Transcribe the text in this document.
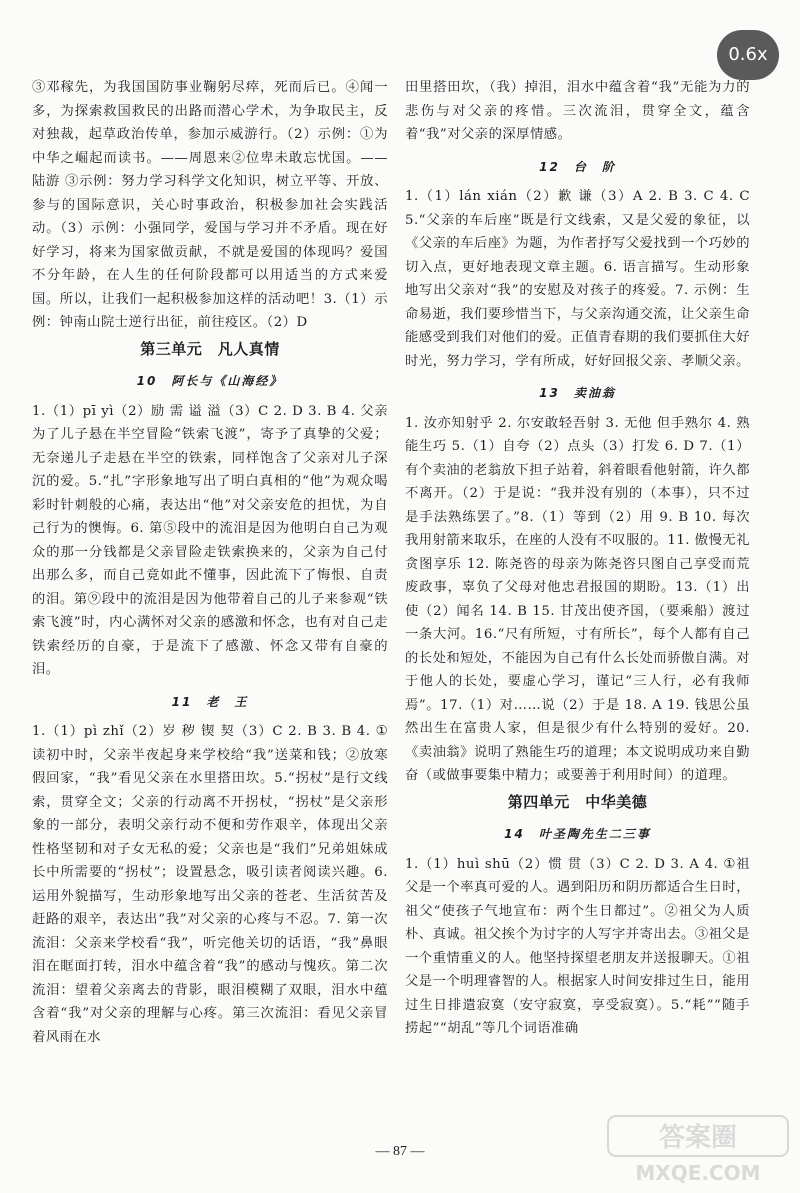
0.6x

③邓稼先，为我国国防事业鞠躬尽瘁，死而后已。④闻一多，为探索救国救民的出路而潜心学术，为争取民主，反对独裁，起草政治传单，参加示威游行。（2）示例：①为中华之崛起而读书。——周恩来②位卑未敢忘忧国。——陆游 ③示例：努力学习科学文化知识，树立平等、开放、参与的国际意识，关心时事政治，积极参加社会实践活动。（3）示例：小强同学，爱国与学习并不矛盾。现在好好学习，将来为国家做贡献，不就是爱国的体现吗？爱国不分年龄，在人生的任何阶段都可以用适当的方式来爱国。所以，让我们一起积极参加这样的活动吧！3.（1）示例：钟南山院士逆行出征，前往疫区。（2）D

第三单元　凡人真情
10　阿长与《山海经》

1.（1）pī yì（2）励 需 谥 溢（3）C 2. D 3. B 4. 父亲为了儿子悬在半空冒险“铁索飞渡”，寄予了真挚的父爱；无奈递儿子走悬在半空的铁索，同样饱含了父亲对儿子深沉的爱。5.“扎”字形象地写出了明白真相的“他”为观众喝彩时针刺般的心痛，表达出“他”对父亲安危的担忧，为自己行为的懊悔。6. 第⑤段中的流泪是因为他明白自己为观众的那一分钱都是父亲冒险走铁索换来的，父亲为自己付出那么多，而自己竟如此不懂事，因此流下了悔恨、自责的泪。第⑨段中的流泪是因为他带着自己的儿子来参观“铁索飞渡”时，内心满怀对父亲的感激和怀念，也有对自己走铁索经历的自豪，于是流下了感激、怀念又带有自豪的泪。

11　老　王

1.（1）pì zhǐ（2）岁 秽 锲 契（3）C 2. B 3. B 4. ①读初中时，父亲半夜起身来学校给“我”送菜和钱；②放寒假回家，“我”看见父亲在水里搭田坎。5.“拐杖”是行文线索，贯穿全文；父亲的行动离不开拐杖，“拐杖”是父亲形象的一部分，表明父亲行动不便和劳作艰辛，体现出父亲性格坚韧和对子女无私的爱；父亲也是“我们”兄弟姐妹成长中所需要的“拐杖”；设置悬念，吸引读者阅读兴趣。6. 运用外貌描写，生动形象地写出父亲的苍老、生活贫苦及赶路的艰辛，表达出“我”对父亲的心疼与不忍。7. 第一次流泪：父亲来学校看“我”，听完他关切的话语，“我”鼻眼泪在眶面打转，泪水中蕴含着“我”的感动与愧疚。第二次流泪：望着父亲离去的背影，眼泪模糊了双眼，泪水中蕴含着“我”对父亲的理解与心疼。第三次流泪：看见父亲冒着风雨在水

田里搭田坎，（我）掉泪，泪水中蕴含着“我”无能为力的悲伤与对父亲的疼惜。三次流泪，贯穿全文，蕴含着“我”对父亲的深厚情感。

12　台　阶

1.（1）lán xián（2）歉 谦（3）A 2. B 3. C 4. C 5.“父亲的车后座”既是行文线索，又是父爱的象征，以《父亲的车后座》为题，为作者抒写父爱找到一个巧妙的切入点，更好地表现文章主题。6. 语言描写。生动形象地写出父亲对“我”的安慰及对孩子的疼爱。7. 示例：生命易逝，我们要珍惜当下，与父亲沟通交流，让父亲生命能感受到我们对他们的爱。正值青春期的我们要抓住大好时光，努力学习，学有所成，好好回报父亲、孝顺父亲。

13　卖油翁

1. 汝亦知射乎 2. 尔安敢轻吾射 3. 无他 但手熟尔 4. 熟能生巧 5.（1）自夸（2）点头（3）打发 6. D 7.（1）有个卖油的老翁放下担子站着，斜着眼看他射箭，许久都不离开。（2）于是说：“我并没有别的（本事），只不过是手法熟练罢了。”8.（1）等到（2）用 9. B 10. 每次我用射箭来取乐，在座的人没有不叹服的。11. 傲慢无礼 贪图享乐 12. 陈尧咨的母亲为陈尧咨只图自己享受而荒废政事，辜负了父母对他忠君报国的期盼。13.（1）出使（2）闻名 14. B 15. 甘茂出使齐国，（要乘船）渡过一条大河。16.“尺有所短，寸有所长”，每个人都有自己的长处和短处，不能因为自己有什么长处而骄傲自满。对于他人的长处，要虚心学习，谨记“三人行，必有我师焉”。17.（1）对……说（2）于是 18. A 19. 钱思公虽然出生在富贵人家，但是很少有什么特别的爱好。20.《卖油翁》说明了熟能生巧的道理；本文说明成功来自勤奋（或做事要集中精力；或要善于利用时间）的道理。

第四单元　中华美德
14　叶圣陶先生二三事

1.（1）huì shū（2）惯 贯（3）C 2. D 3. A 4. ①祖父是一个率真可爱的人。遇到阳历和阴历都适合生日时，祖父“使孩子气地宣布：两个生日都过”。②祖父为人质朴、真诚。祖父挨个为讨字的人写字并寄出去。③祖父是一个重情重义的人。他坚持探望老朋友并送报聊天。①祖父是一个明理睿智的人。根据家人时间安排过生日，能用过生日排遣寂寞（安守寂寞，享受寂寞）。5.“耗”“随手捞起”“胡乱”等几个词语准确

— 87 —	答案圈
MXQE.COM
